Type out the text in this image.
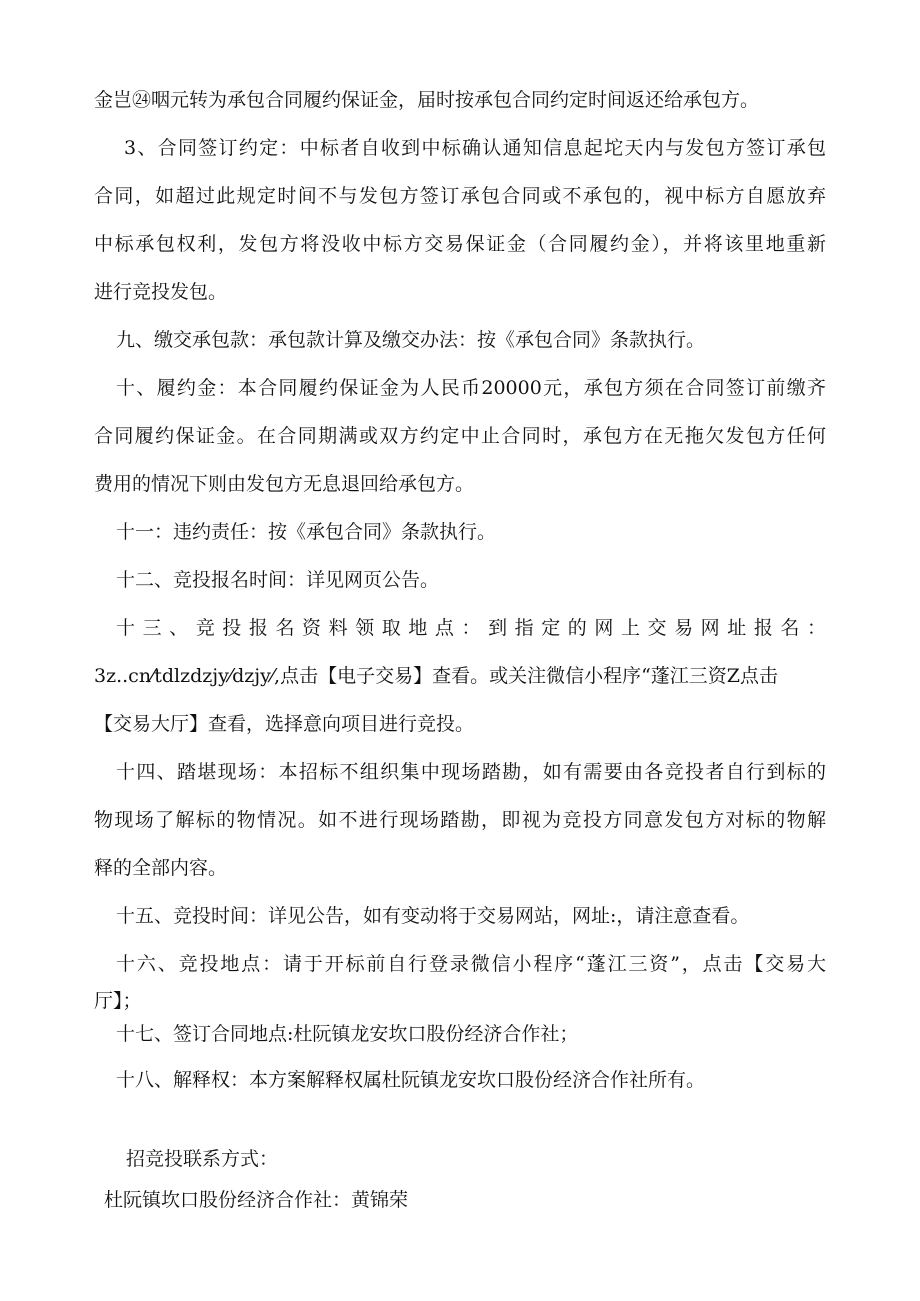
金岂㉔咽元转为承包合同履约保证金，届时按承包合同约定时间返还给承包方。
3、合同签订约定：中标者自收到中标确认通知信息起坨天内与发包方签订承包
合同，如超过此规定时间不与发包方签订承包合同或不承包的，视中标方自愿放弃
中标承包权利，发包方将没收中标方交易保证金（合同履约金），并将该里地重新
进行竞投发包。
九、缴交承包款：承包款计算及缴交办法：按《承包合同》条款执行。
十、履约金：本合同履约保证金为人民币20000元，承包方须在合同签订前缴齐
合同履约保证金。在合同期满或双方约定中止合同时，承包方在无拖欠发包方任何
费用的情况下则由发包方无息退回给承包方。
十一：违约责任：按《承包合同》条款执行。
十二、竞投报名时间：详见网页公告。
十三、竞投报名资料领取地点：到指定的网上交易网址报名：
3z..cn⁄tdlzdzjy⁄dzjy⁄,点击【电子交易】查看。或关注微信小程序“蓬江三资Z点击
【交易大厅】查看，选择意向项目进行竞投。
十四、踏堪现场：本招标不组织集中现场踏勘，如有需要由各竞投者自行到标的
物现场了解标的物情况。如不进行现场踏勘，即视为竞投方同意发包方对标的物解
释的全部内容。
十五、竞投时间：详见公告，如有变动将于交易网站，网址:，请注意查看。
十六、竞投地点：请于开标前自行登录微信小程序“蓬江三资”，点击【交易大
厅】；
十七、签订合同地点:杜阮镇龙安坎口股份经济合作社；
十八、解释权：本方案解释权属杜阮镇龙安坎口股份经济合作社所有。
招竞投联系方式：
杜阮镇坎口股份经济合作社：黄锦荣
